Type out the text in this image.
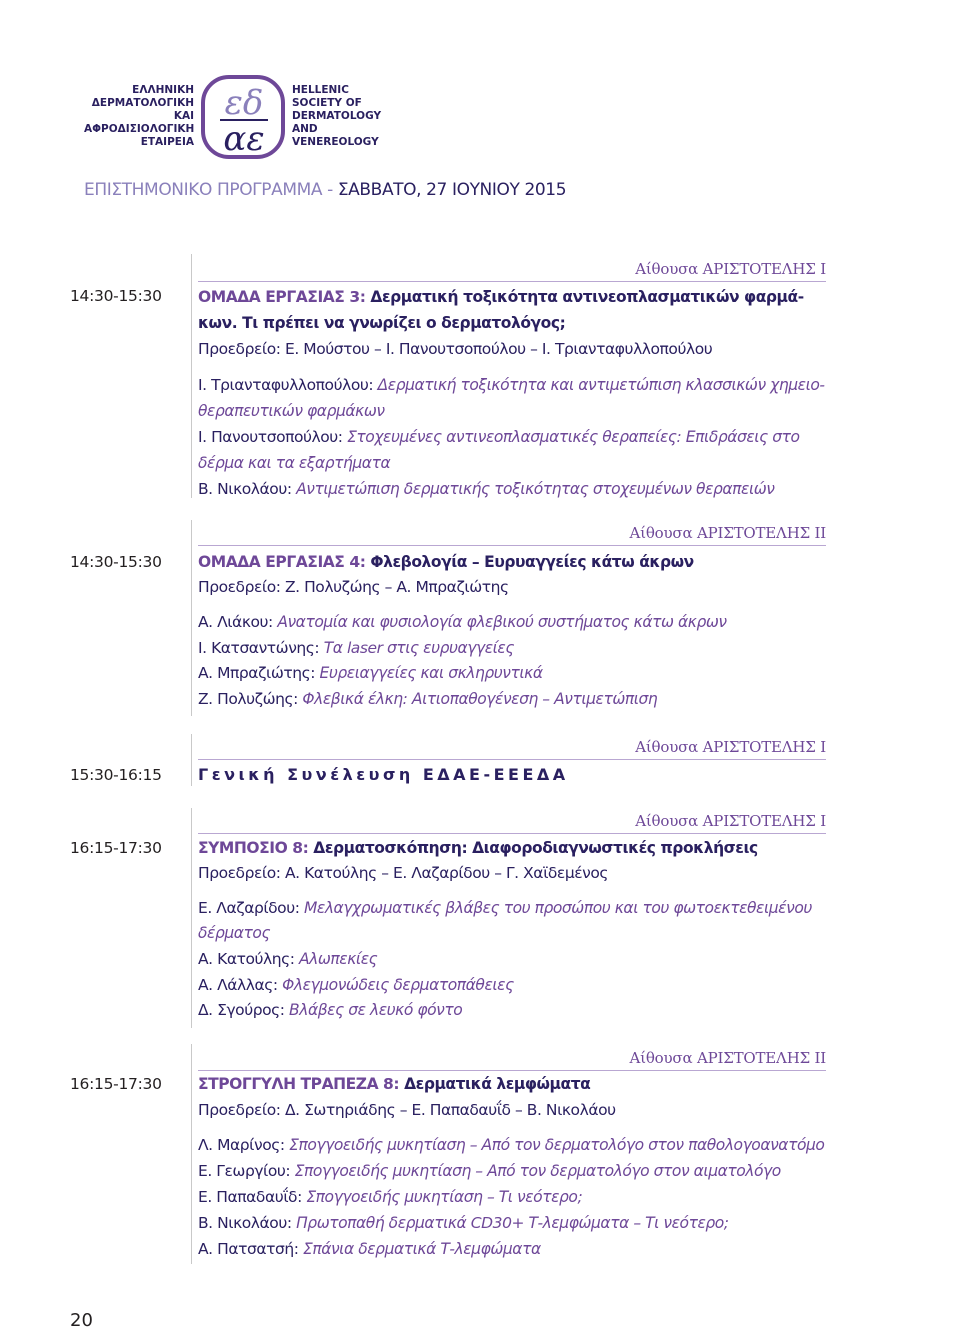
ΕΛΛΗΝΙΚΗ
ΔΕΡΜΑΤΟΛΟΓΙΚΗ
ΚΑΙ
ΑΦΡΟΔΙΣΙΟΛΟΓΙΚΗ
ΕΤΑΙΡΕΙΑ
εδ
αε
HELLENIC
SOCIETY OF
DERMATOLOGY
AND
VENEREOLOGY
ΕΠΙΣΤΗΜΟΝΙΚΟ ΠΡΟΓΡΑΜΜΑ - ΣΑΒΒΑΤΟ, 27 ΙΟΥΝΙΟΥ 2015
Αίθουσα ΑΡΙΣΤΟΤΕΛΗΣ Ι
14:30-15:30 ΟΜΑΔΑ ΕΡΓΑΣΙΑΣ 3: Δερματική τοξικότητα αντινεοπλασματικών φαρμά-
κων. Τι πρέπει να γνωρίζει ο δερματολόγος;
Προεδρείο: Ε. Μούστου – Ι. Πανουτσοπούλου – Ι. Τριανταφυλλοπούλου
Ι. Τριανταφυλλοπούλου: Δερματική τοξικότητα και αντιμετώπιση κλασσικών χημειο-
θεραπευτικών φαρμάκων
Ι. Πανουτσοπούλου: Στοχευμένες αντινεοπλασματικές θεραπείες: Επιδράσεις στο
δέρμα και τα εξαρτήματα
Β. Νικολάου: Αντιμετώπιση δερματικής τοξικότητας στοχευμένων θεραπειών
Αίθουσα ΑΡΙΣΤΟΤΕΛΗΣ ΙΙ
14:30-15:30 ΟΜΑΔΑ ΕΡΓΑΣΙΑΣ 4: Φλεβολογία – Ευρυαγγείες κάτω άκρων
Προεδρείο: Ζ. Πολυζώης – Α. Μπραζιώτης
Α. Λιάκου: Ανατομία και φυσιολογία φλεβικού συστήματος κάτω άκρων
Ι. Κατσαντώνης: Τα laser στις ευρυαγγείες
Α. Μπραζιώτης: Ευρειαγγείες και σκληρυντικά
Ζ. Πολυζώης: Φλεβικά έλκη: Αιτιοπαθογένεση – Αντιμετώπιση
Αίθουσα ΑΡΙΣΤΟΤΕΛΗΣ Ι
15:30-16:15 Γενική Συνέλευση ΕΔΑΕ-ΕΕΕΔΑ
Αίθουσα ΑΡΙΣΤΟΤΕΛΗΣ Ι
16:15-17:30 ΣΥΜΠΟΣΙΟ 8: Δερματοσκόπηση: Διαφοροδιαγνωστικές προκλήσεις
Προεδρείο: Α. Κατούλης – Ε. Λαζαρίδου – Γ. Χαϊδεμένος
Ε. Λαζαρίδου: Μελαγχρωματικές βλάβες του προσώπου και του φωτοεκτεθειμένου
δέρματος
Α. Κατούλης: Αλωπεκίες
Α. Λάλλας: Φλεγμονώδεις δερματοπάθειες
Δ. Σγούρος: Βλάβες σε λευκό φόντο
Αίθουσα ΑΡΙΣΤΟΤΕΛΗΣ ΙΙ
16:15-17:30 ΣΤΡΟΓΓΥΛΗ ΤΡΑΠΕΖΑ 8: Δερματικά λεμφώματα
Προεδρείο: Δ. Σωτηριάδης – Ε. Παπαδαυΐδ – Β. Νικολάου
Λ. Μαρίνος: Σπογγοειδής μυκητίαση – Από τον δερματολόγο στον παθολογοανατόμο
Ε. Γεωργίου: Σπογγοειδής μυκητίαση – Από τον δερματολόγο στον αιματολόγο
Ε. Παπαδαυΐδ: Σπογγοειδής μυκητίαση – Τι νεότερο;
Β. Νικολάου: Πρωτοπαθή δερματικά CD30+ Τ-λεμφώματα – Τι νεότερο;
Α. Πατσατσή: Σπάνια δερματικά Τ-λεμφώματα
20
